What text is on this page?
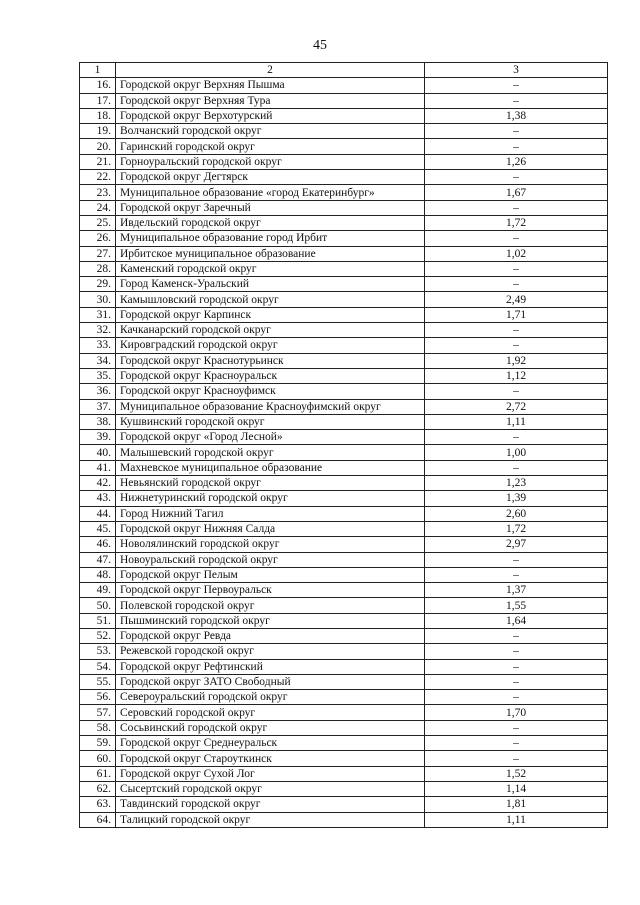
45
1	2	3
16.	Городской округ Верхняя Пышма	–
17.	Городской округ Верхняя Тура	–
18.	Городской округ Верхотурский	1,38
19.	Волчанский городской округ	–
20.	Гаринский городской округ	–
21.	Горноуральский городской округ	1,26
22.	Городской округ Дегтярск	–
23.	Муниципальное образование «город Екатеринбург»	1,67
24.	Городской округ Заречный	–
25.	Ивдельский городской округ	1,72
26.	Муниципальное образование город Ирбит	–
27.	Ирбитское муниципальное образование	1,02
28.	Каменский городской округ	–
29.	Город Каменск-Уральский	–
30.	Камышловский городской округ	2,49
31.	Городской округ Карпинск	1,71
32.	Качканарский городской округ	–
33.	Кировградский городской округ	–
34.	Городской округ Краснотурьинск	1,92
35.	Городской округ Красноуральск	1,12
36.	Городской округ Красноуфимск	–
37.	Муниципальное образование Красноуфимский округ	2,72
38.	Кушвинский городской округ	1,11
39.	Городской округ «Город Лесной»	–
40.	Малышевский городской округ	1,00
41.	Махневское муниципальное образование	–
42.	Невьянский городской округ	1,23
43.	Нижнетуринский городской округ	1,39
44.	Город Нижний Тагил	2,60
45.	Городской округ Нижняя Салда	1,72
46.	Новолялинский городской округ	2,97
47.	Новоуральский городской округ	–
48.	Городской округ Пелым	–
49.	Городской округ Первоуральск	1,37
50.	Полевской городской округ	1,55
51.	Пышминский городской округ	1,64
52.	Городской округ Ревда	–
53.	Режевской городской округ	–
54.	Городской округ Рефтинский	–
55.	Городской округ ЗАТО Свободный	–
56.	Североуральский городской округ	–
57.	Серовский городской округ	1,70
58.	Сосьвинский городской округ	–
59.	Городской округ Среднеуральск	–
60.	Городской округ Староуткинск	–
61.	Городской округ Сухой Лог	1,52
62.	Сысертский городской округ	1,14
63.	Тавдинский городской округ	1,81
64.	Талицкий городской округ	1,11
